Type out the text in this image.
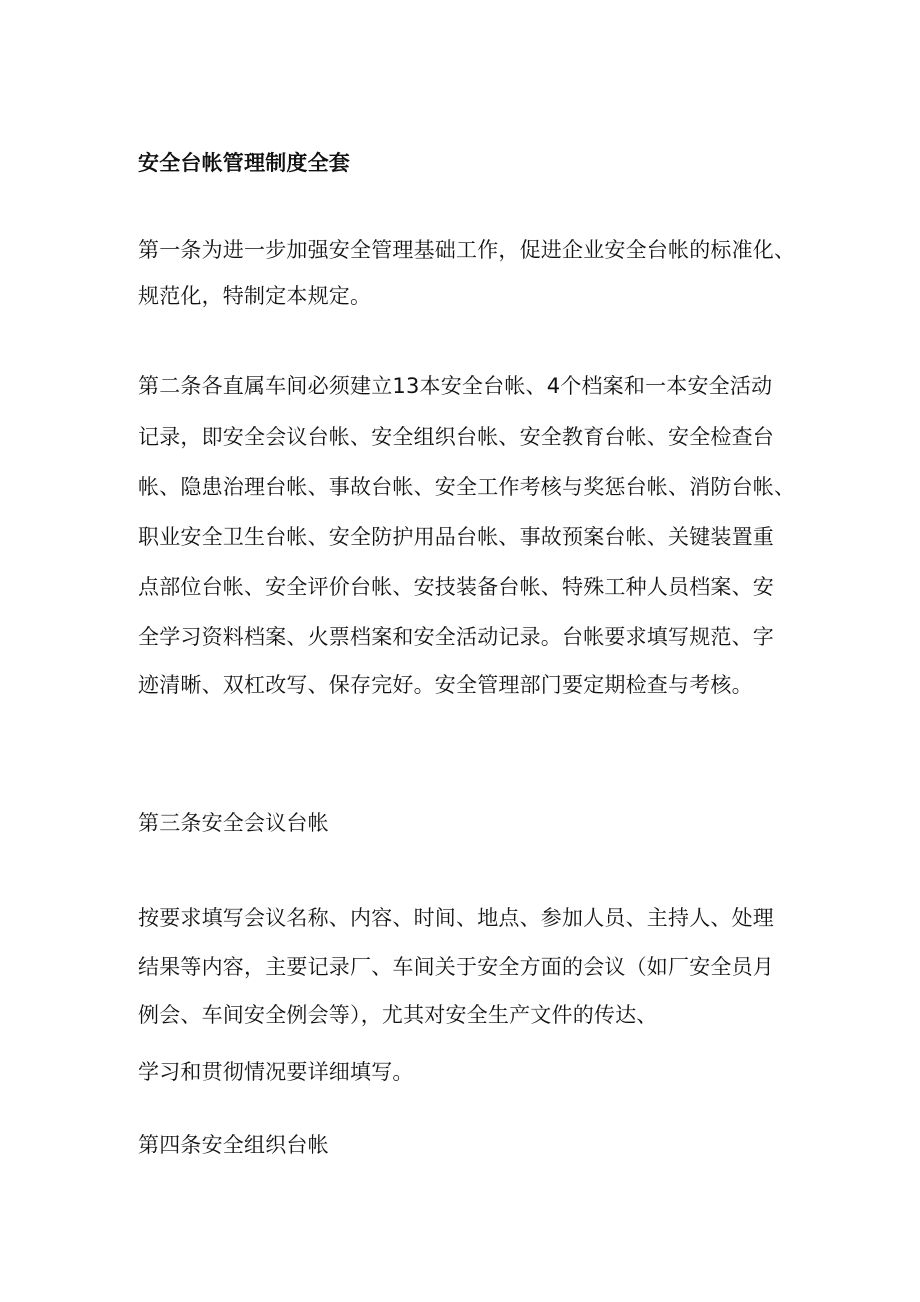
安全台帐管理制度全套
第一条为进一步加强安全管理基础工作，促进企业安全台帐的标准化、
规范化，特制定本规定。
第二条各直属车间必须建立13本安全台帐、4个档案和一本安全活动
记录，即安全会议台帐、安全组织台帐、安全教育台帐、安全检查台
帐、隐患治理台帐、事故台帐、安全工作考核与奖惩台帐、消防台帐、
职业安全卫生台帐、安全防护用品台帐、事故预案台帐、关键装置重
点部位台帐、安全评价台帐、安技装备台帐、特殊工种人员档案、安
全学习资料档案、火票档案和安全活动记录。台帐要求填写规范、字
迹清晰、双杠改写、保存完好。安全管理部门要定期检查与考核。
第三条安全会议台帐
按要求填写会议名称、内容、时间、地点、参加人员、主持人、处理
结果等内容，主要记录厂、车间关于安全方面的会议（如厂安全员月
例会、车间安全例会等），尤其对安全生产文件的传达、
学习和贯彻情况要详细填写。
第四条安全组织台帐
